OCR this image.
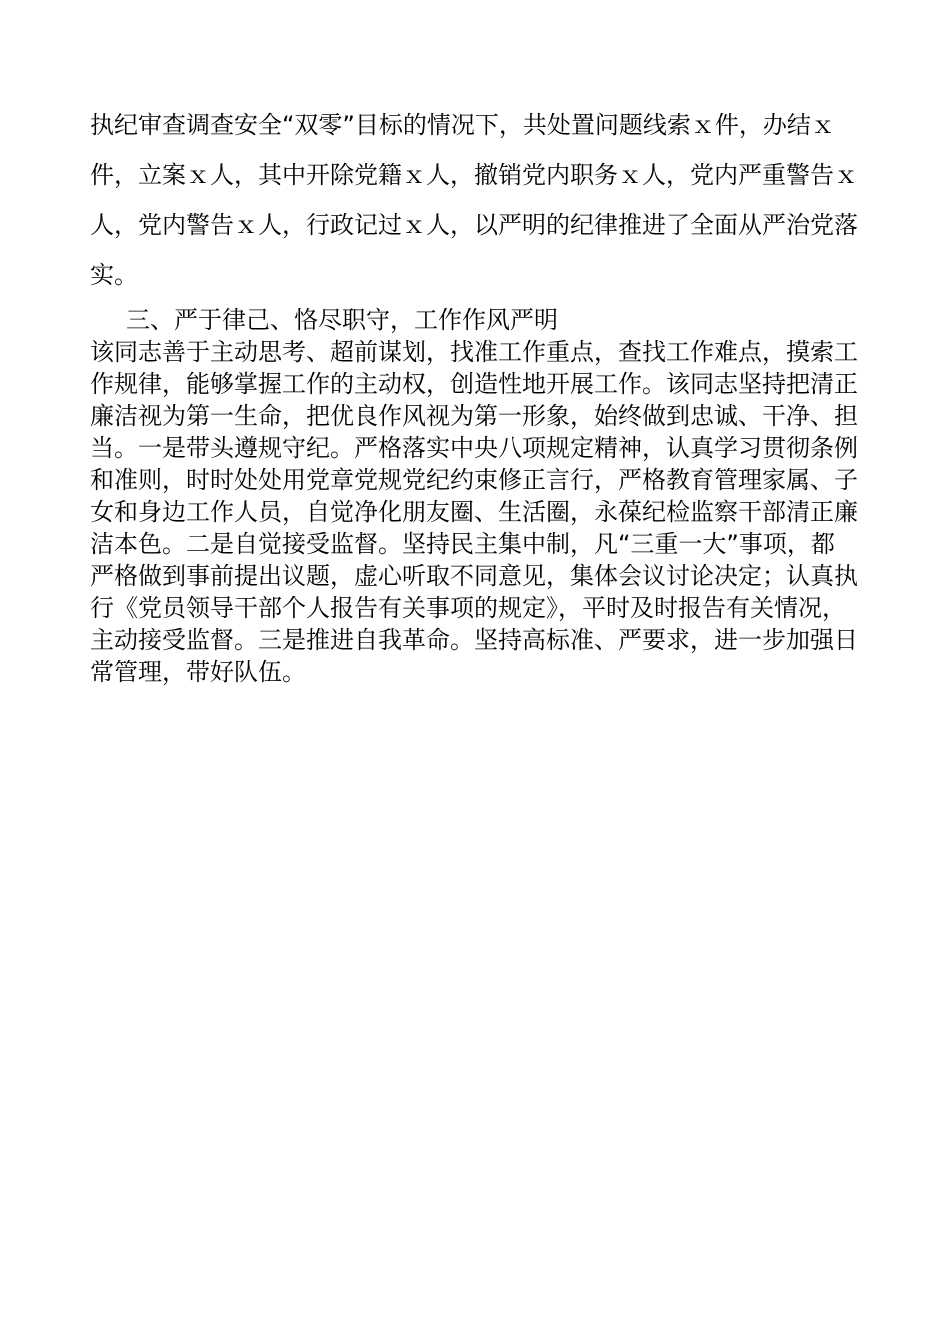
执纪审查调查安全“双零”目标的情况下，共处置问题线索ｘ件，办结ｘ
件，立案ｘ人，其中开除党籍ｘ人，撤销党内职务ｘ人，党内严重警告ｘ
人，党内警告ｘ人，行政记过ｘ人，以严明的纪律推进了全面从严治党落
实。
三、严于律己、恪尽职守，工作作风严明
该同志善于主动思考、超前谋划，找准工作重点，查找工作难点，摸索工
作规律，能够掌握工作的主动权，创造性地开展工作。该同志坚持把清正
廉洁视为第一生命，把优良作风视为第一形象，始终做到忠诚、干净、担
当。一是带头遵规守纪。严格落实中央八项规定精神，认真学习贯彻条例
和准则，时时处处用党章党规党纪约束修正言行，严格教育管理家属、子
女和身边工作人员，自觉净化朋友圈、生活圈，永葆纪检监察干部清正廉
洁本色。二是自觉接受监督。坚持民主集中制，凡“三重一大”事项，都
严格做到事前提出议题，虚心听取不同意见，集体会议讨论决定；认真执
行《党员领导干部个人报告有关事项的规定》，平时及时报告有关情况，
主动接受监督。三是推进自我革命。坚持高标准、严要求，进一步加强日
常管理，带好队伍。
